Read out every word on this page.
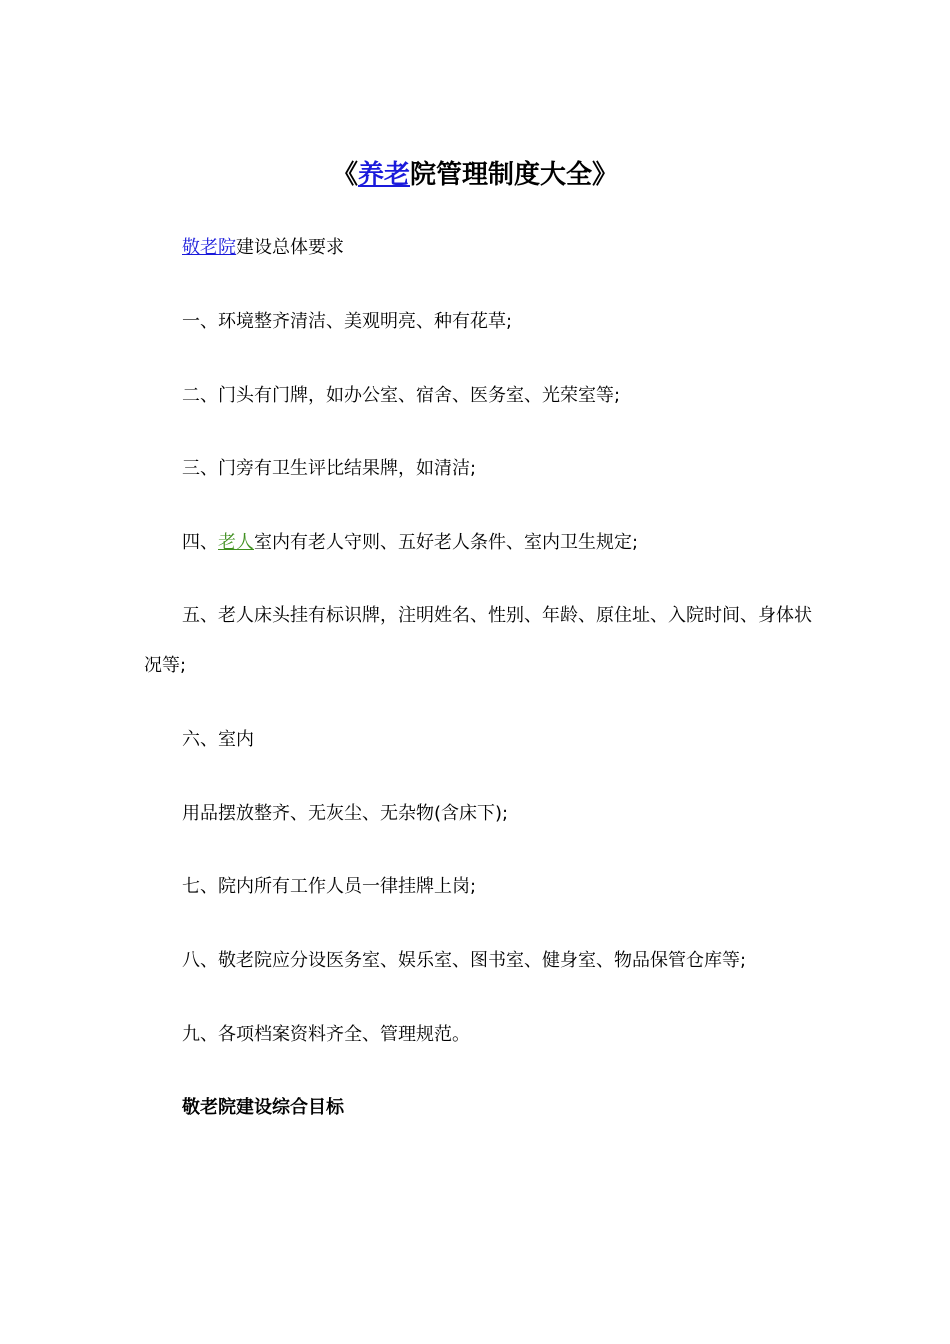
《养老院管理制度大全》
敬老院建设总体要求
一、环境整齐清洁、美观明亮、种有花草;
二、门头有门牌，如办公室、宿舍、医务室、光荣室等;
三、门旁有卫生评比结果牌，如清洁;
四、老人室内有老人守则、五好老人条件、室内卫生规定;
五、老人床头挂有标识牌，注明姓名、性别、年龄、原住址、入院时间、身体状况等;
六、室内
用品摆放整齐、无灰尘、无杂物(含床下);
七、院内所有工作人员一律挂牌上岗;
八、敬老院应分设医务室、娱乐室、图书室、健身室、物品保管仓库等;
九、各项档案资料齐全、管理规范。
敬老院建设综合目标
